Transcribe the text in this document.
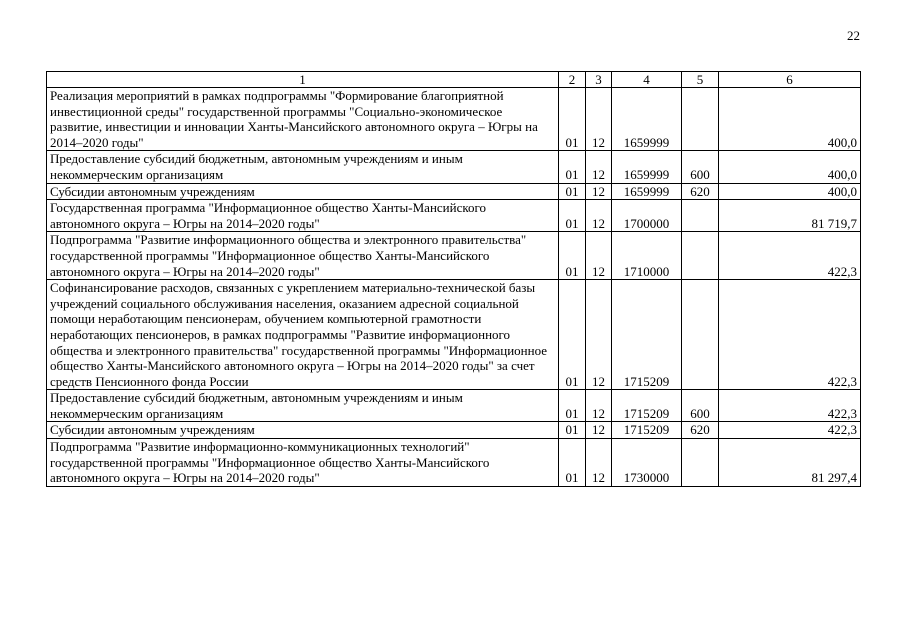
22
1	2	3	4	5	6
Реализация мероприятий в рамках подпрограммы "Формирование благоприятной инвестиционной среды" государственной программы "Социально-экономическое развитие, инвестиции и инновации Ханты-Мансийского автономного округа – Югры на 2014–2020 годы"	01	12	1659999		400,0
Предоставление субсидий бюджетным, автономным учреждениям и иным некоммерческим организациям	01	12	1659999	600	400,0
Субсидии автономным учреждениям	01	12	1659999	620	400,0
Государственная программа "Информационное общество Ханты-Мансийского автономного округа – Югры на 2014–2020 годы"	01	12	1700000		81 719,7
Подпрограмма "Развитие информационного общества и электронного правительства" государственной программы "Информационное общество Ханты-Мансийского автономного округа – Югры на 2014–2020 годы"	01	12	1710000		422,3
Софинансирование расходов, связанных с укреплением материально-технической базы учреждений социального обслуживания населения, оказанием адресной социальной помощи неработающим пенсионерам, обучением компьютерной грамотности неработающих пенсионеров, в рамках подпрограммы "Развитие информационного общества и электронного правительства" государственной программы "Информационное общество Ханты-Мансийского автономного округа – Югры на 2014–2020 годы" за счет средств Пенсионного фонда России	01	12	1715209		422,3
Предоставление субсидий бюджетным, автономным учреждениям и иным некоммерческим организациям	01	12	1715209	600	422,3
Субсидии автономным учреждениям	01	12	1715209	620	422,3
Подпрограмма "Развитие информационно-коммуникационных технологий" государственной программы "Информационное общество Ханты-Мансийского автономного округа – Югры на 2014–2020 годы"	01	12	1730000		81 297,4
